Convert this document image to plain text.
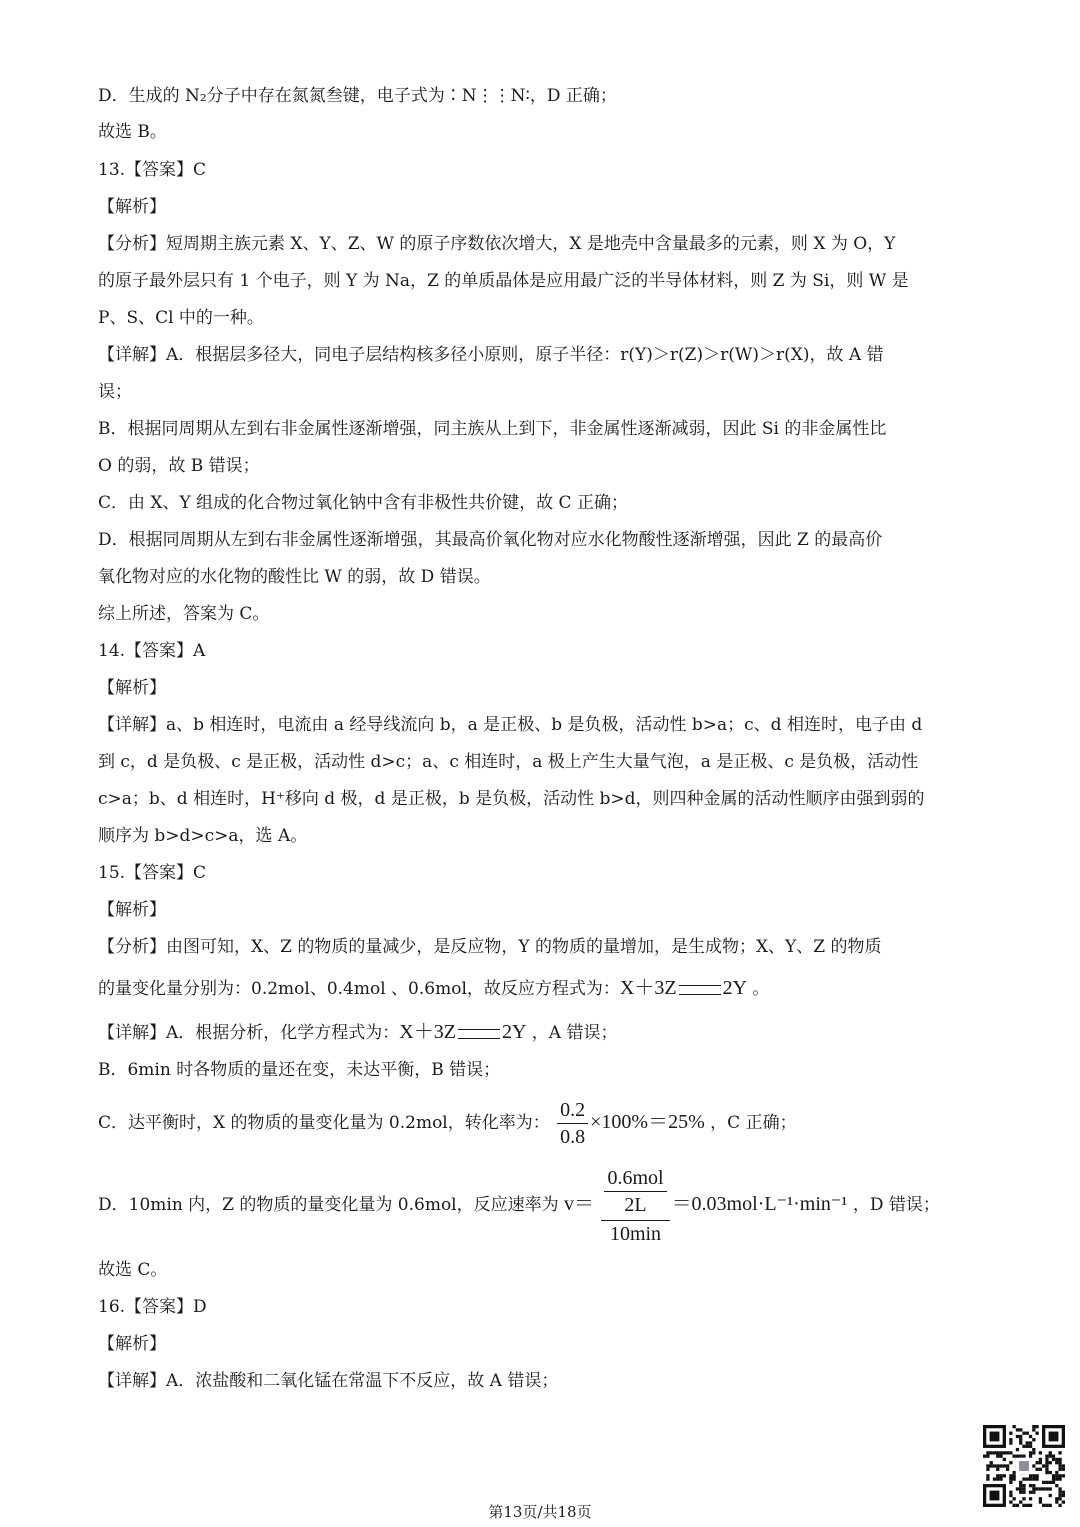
D．生成的 N₂分子中存在氮氮叁键，电子式为∶N⋮⋮N∶，D 正确；
故选 B。
13.【答案】C
【解析】
【分析】短周期主族元素 X、Y、Z、W 的原子序数依次增大，X 是地壳中含量最多的元素，则 X 为 O，Y
的原子最外层只有 1 个电子，则 Y 为 Na，Z 的单质晶体是应用最广泛的半导体材料，则 Z 为 Si，则 W 是
P、S、Cl 中的一种。
【详解】A．根据层多径大，同电子层结构核多径小原则，原子半径：r(Y)＞r(Z)＞r(W)＞r(X)，故 A 错
误；
B．根据同周期从左到右非金属性逐渐增强，同主族从上到下，非金属性逐渐减弱，因此 Si 的非金属性比
O 的弱，故 B 错误；
C．由 X、Y 组成的化合物过氧化钠中含有非极性共价键，故 C 正确；
D．根据同周期从左到右非金属性逐渐增强，其最高价氧化物对应水化物酸性逐渐增强，因此 Z 的最高价
氧化物对应的水化物的酸性比 W 的弱，故 D 错误。
综上所述，答案为 C。
14.【答案】A
【解析】
【详解】a、b 相连时，电流由 a 经导线流向 b，a 是正极、b 是负极，活动性 b>a；c、d 相连时，电子由 d
到 c，d 是负极、c 是正极，活动性 d>c；a、c 相连时，a 极上产生大量气泡，a 是正极、c 是负极，活动性
c>a；b、d 相连时，H⁺移向 d 极，d 是正极，b 是负极，活动性 b>d，则四种金属的活动性顺序由强到弱的
顺序为 b>d>c>a，选 A。
15.【答案】C
【解析】
【分析】由图可知，X、Z 的物质的量减少，是反应物，Y 的物质的量增加，是生成物；X、Y、Z 的物质
的量变化量分别为：0.2mol、0.4mol 、0.6mol，故反应方程式为：X＋3Z 2Y 。
【详解】A．根据分析，化学方程式为：X＋3Z 2Y ，A 错误；
B．6min 时各物质的量还在变，未达平衡，B 错误；
C．达平衡时，X 的物质的量变化量为 0.2mol，转化率为： $\frac{0.2}{0.8} \times 100\%=25\%$ ，C 正确；
D．10min 内，Z 的物质的量变化量为 0.6mol，反应速率为 $v= \frac{\frac{\text{0.6mol}}{2L}}{10\min} =0.03mol\cdot L^{-1}\cdot\min^{-1}$ ，D 错误；
故选 C。
16.【答案】D
【解析】
【详解】A．浓盐酸和二氧化锰在常温下不反应，故 A 错误；
第13页/共18页
